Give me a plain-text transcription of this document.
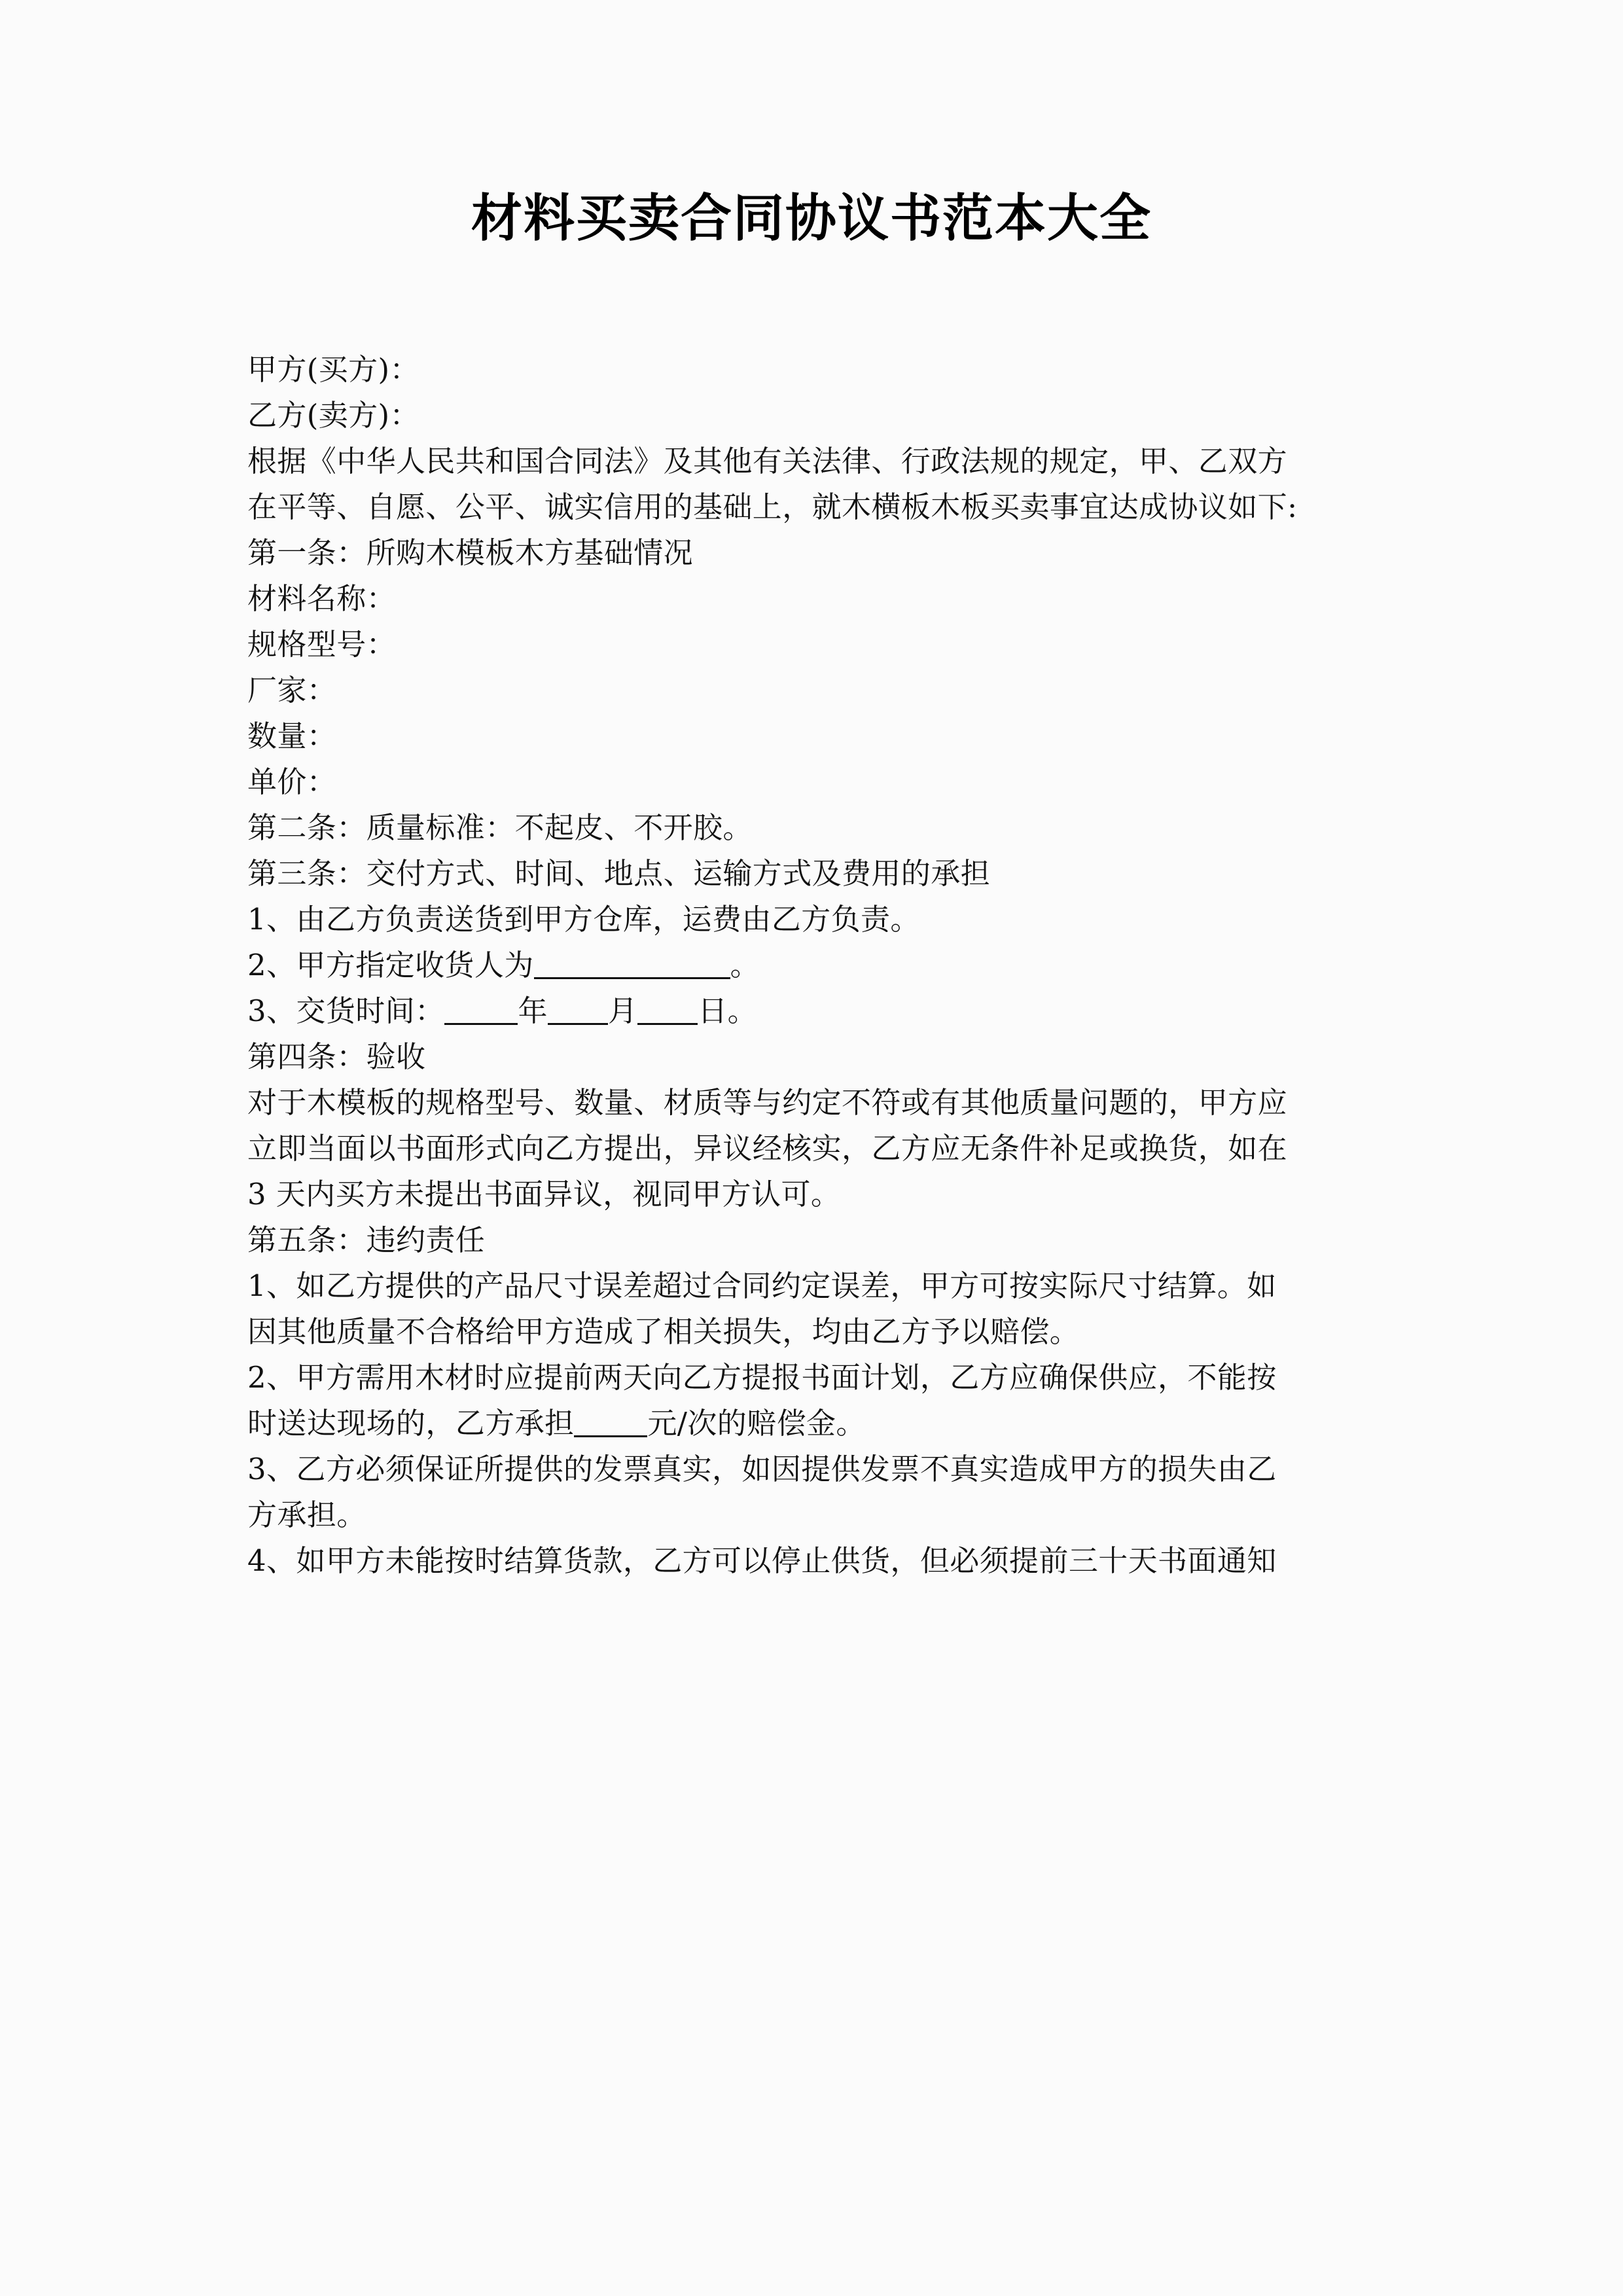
材料买卖合同协议书范本大全
甲方(买方)：
乙方(卖方)：
根据《中华人民共和国合同法》及其他有关法律、行政法规的规定，甲、乙双方
在平等、自愿、公平、诚实信用的基础上，就木横板木板买卖事宜达成协议如下:
第一条：所购木模板木方基础情况
材料名称：
规格型号：
厂家：
数量：
单价：
第二条：质量标准：不起皮、不开胶。
第三条：交付方式、时间、地点、运输方式及费用的承担
1、由乙方负责送货到甲方仓库，运费由乙方负责。
2、甲方指定收货人为	。
3、交货时间： 年 月 日。
第四条：验收
对于木模板的规格型号、数量、材质等与约定不符或有其他质量问题的，甲方应
立即当面以书面形式向乙方提出，异议经核实，乙方应无条件补足或换货，如在
3 天内买方未提出书面异议，视同甲方认可。
第五条：违约责任
1、如乙方提供的产品尺寸误差超过合同约定误差，甲方可按实际尺寸结算。如
因其他质量不合格给甲方造成了相关损失，均由乙方予以赔偿。
2、甲方需用木材时应提前两天向乙方提报书面计划，乙方应确保供应，不能按
时送达现场的，乙方承担 元/次的赔偿金。
3、乙方必须保证所提供的发票真实，如因提供发票不真实造成甲方的损失由乙
方承担。
4、如甲方未能按时结算货款，乙方可以停止供货，但必须提前三十天书面通知
